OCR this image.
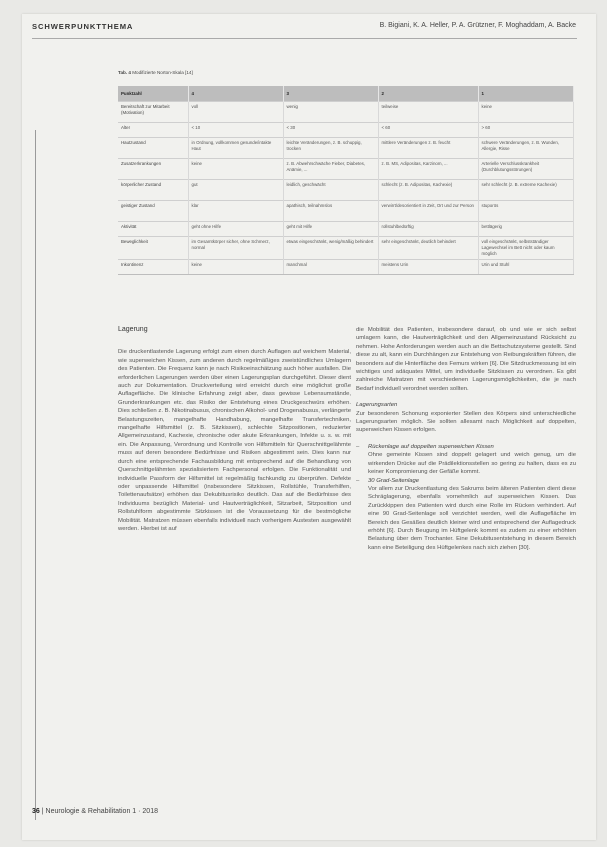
SCHWERPUNKTTHEMA	B. Bigiani, K. A. Heller, P. A. Grützner, F. Moghaddam, A. Backe
Tab. 4 Modifizierte Norton-Skala [14]
Punktzahl	4	3	2	1
Bereitschaft zur Mitarbeit (Motivation)	voll	wenig	teilweise	keine
Alter	< 10	< 30	< 60	> 60
Hautzustand	in Ordnung, vollkommen gesunde/intakte Haut	leichte Veränderungen, z. B. schuppig, trocken	mittlere Veränderungen z. B. feucht	schwere Veränderungen, z. B. Wunden, Allergie, Risse
Zusatzerkrankungen	keine	z. B. Abwehrschwäche Fieber, Diabetes, Anämie, ...	z. B. MS, Adipositas, Karzinom, ...	Arterielle Verschlusskrankheit (Durchblutungsstörungen)
körperlicher Zustand	gut	leidlich, geschwächt	schlecht (z. B. Adipositas, Kachexie)	sehr schlecht (z. B. extreme Kachexie)
geistiger Zustand	klar	apathisch, teilnahmslos	verwirrt/desorientiert in Zeit, Ort und zur Person	stuporös
Aktivität	geht ohne Hilfe	geht mit Hilfe	rollstuhlbedürftig	bettlägerig
Beweglichkeit	im Gesamtkörper sicher, ohne Schmerz, normal	etwas eingeschränkt, wenig/mäßig behindert	sehr eingeschränkt, deutlich behindert	voll eingeschränkt, selbstständiger Lagewechsel im Bett nicht oder kaum möglich
Inkontinenz	keine	manchmal	meistens Urin	Urin und Stuhl
Lagerung

Die druckentlastende Lagerung erfolgt zum einen durch Auflagen auf weichem Material, wie superweichen Kissen, zum anderen durch regelmäßiges zweistündliches Umlagern des Patienten. Die Frequenz kann je nach Risikoeinschätzung auch höher ausfallen. Die erforderlichen Lagerungen werden über einen Lagerungsplan durchgeführt. Dieser dient auch zur Dokumentation. Druckverteilung wird erreicht durch eine möglichst große Auflagefläche. Die klinische Erfahrung zeigt aber, dass gewisse Lebensumstände, Grunderkrankungen etc. das Risiko der Entstehung eines Druckgeschwürs erhöhen. Dies schließen z. B. Nikotinabusus, chronischen Alkohol- und Drogenabusus, verlängerte Belastungszeiten, mangelhafte Handhabung, mangelhafte Transfertechniken, mangelhafte Hilfsmittel (z. B. Sitzkissen), schlechte Sitzpositionen, reduzierter Allgemeinzustand, Kachexie, chronische oder akute Erkrankungen, Infekte u. s. w. mit ein. Die Anpassung, Verordnung und Kontrolle von Hilfsmitteln für Querschnittgelähmte muss auf deren besondere Bedürfnisse und Risiken abgestimmt sein. Dies kann nur durch eine entsprechende Fachausbildung mit entsprechend auf die Behandlung von Querschnittgelähmten spezialisiertem Fachpersonal erfolgen. Die Funktionalität und individuelle Passform der Hilfsmittel ist regelmäßig fachkundig zu überprüfen. Defekte oder unpassende Hilfsmittel (insbesondere Sitzkissen, Rollstühle, Transferhilfen, Toilettenaufsätze) erhöhen das Dekubitusrisiko deutlich. Das auf die Bedürfnisse des Individuums bezüglich Material- und Hautverträglichkeit, Sitzarbeit, Sitzposition und Rollstuhlform abgestimmte Sitzkissen ist die Voraussetzung für die bestmögliche Mobilität. Matratzen müssen ebenfalls individuell nach vorherigem Austesten ausgewählt werden. Hierbei ist auf

die Mobilität des Patienten, insbesondere darauf, ob und wie er sich selbst umlagern kann, die Hautverträglichkeit und den Allgemeinzustand Rücksicht zu nehmen. Hohe Anforderungen werden auch an die Bettschutzsysteme gestellt. Sind diese zu alt, kann ein Durchhängen zur Entstehung von Reibungskräften führen, die besonders auf die Hinterfläche des Femurs wirken [6]. Die Sitzdruckmessung ist ein wichtiges und adäquates Mittel, um individuelle Sitzkissen zu verordnen. Es gibt zahlreiche Matratzen mit verschiedenen Lagerungsmöglichkeiten, die je nach Bedarf individuell verordnet werden sollten.

Lagerungsarten

Zur besonderen Schonung exponierter Stellen des Körpers sind unterschiedliche Lagerungsarten möglich. Sie sollten allesamt nach Möglichkeit auf doppelten, superweichen Kissen erfolgen.

– Rückenlage auf doppelten superweichen Kissen
Ohne gemeinte Kissen sind doppelt gelagert und weich genug, um die wirkenden Drücke auf die Prädilektionsstellen so gering zu halten, dass es zu keiner Kompromierung der Gefäße kommt.
– 30 Grad-Seitenlage
Vor allem zur Druckentlastung des Sakrums beim älteren Patienten dient diese Schräglagerung, ebenfalls vornehmlich auf superweichen Kissen. Das Zurückkippen des Patienten wird durch eine Rolle im Rücken verhindert. Auf eine 90 Grad-Seitenlage soll verzichtet werden, weil die Auflagefläche im Bereich des Gesäßes deutlich kleiner wird und entsprechend der Auflagedruck erhöht [6]. Durch Beugung im Hüftgelenk kommt es zudem zu einer erhöhten Belastung über dem Trochanter. Eine Dekubitusentstehung in diesem Bereich kann eine Beteiligung des Hüftgelenkes nach sich ziehen [30].
36 | Neurologie & Rehabilitation 1 · 2018
